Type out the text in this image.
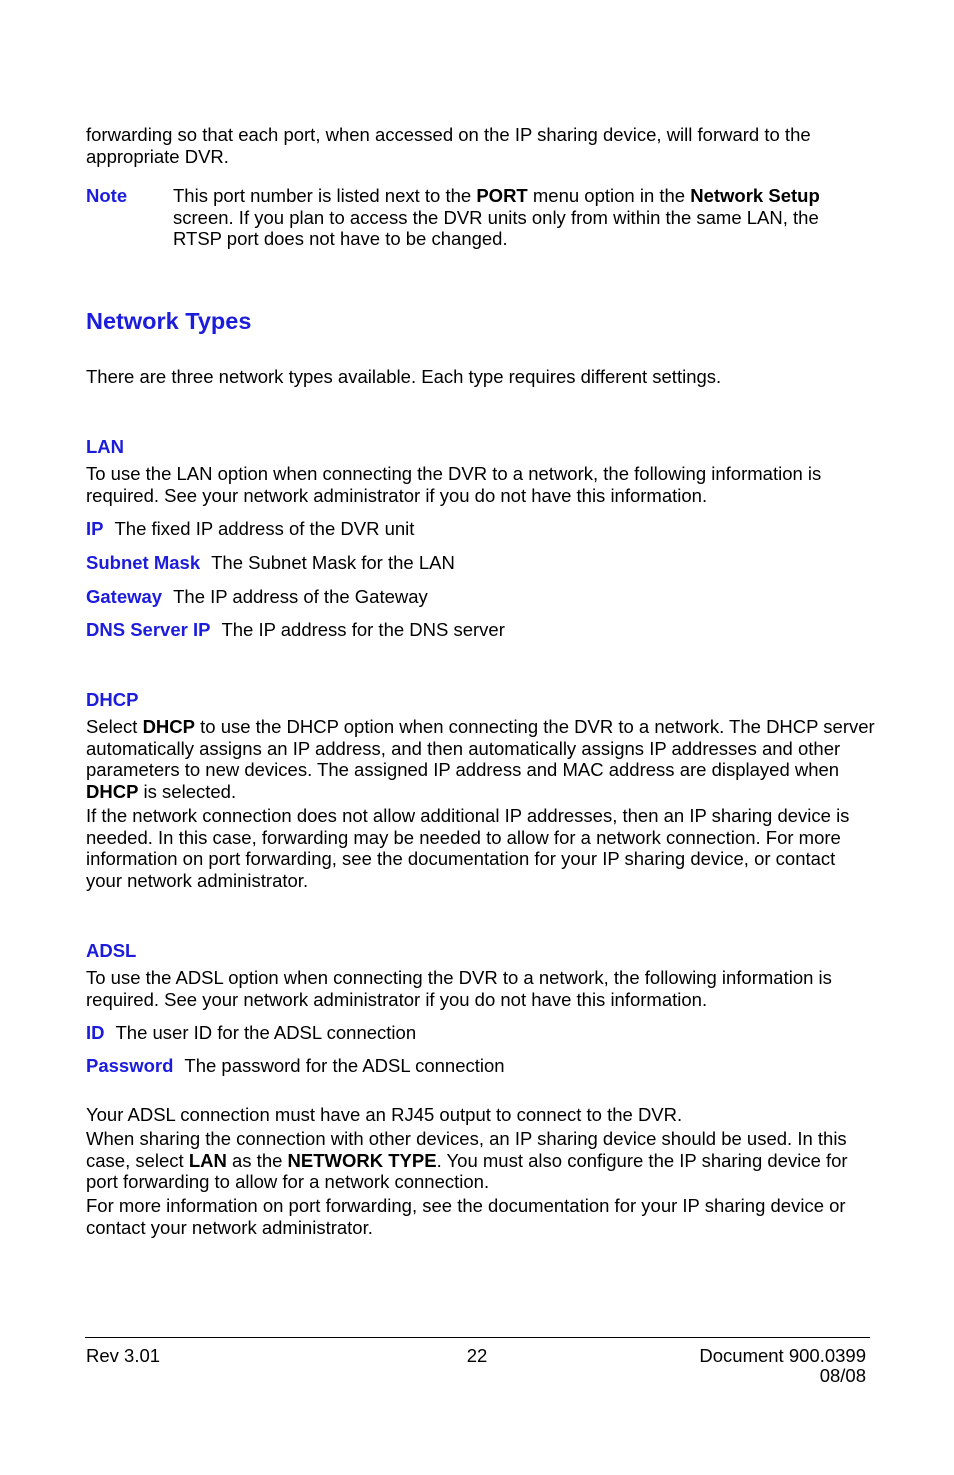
forwarding so that each port, when accessed on the IP sharing device, will forward to the appropriate DVR.

Note This port number is listed next to the PORT menu option in the Network Setup screen. If you plan to access the DVR units only from within the same LAN, the RTSP port does not have to be changed.

Network Types

There are three network types available. Each type requires different settings.

LAN

To use the LAN option when connecting the DVR to a network, the following information is required. See your network administrator if you do not have this information.

IP The fixed IP address of the DVR unit

Subnet Mask The Subnet Mask for the LAN

Gateway The IP address of the Gateway

DNS Server IP The IP address for the DNS server

DHCP

Select DHCP to use the DHCP option when connecting the DVR to a network. The DHCP server automatically assigns an IP address, and then automatically assigns IP addresses and other parameters to new devices. The assigned IP address and MAC address are displayed when DHCP is selected.

If the network connection does not allow additional IP addresses, then an IP sharing device is needed. In this case, forwarding may be needed to allow for a network connection. For more information on port forwarding, see the documentation for your IP sharing device, or contact your network administrator.

ADSL

To use the ADSL option when connecting the DVR to a network, the following information is required. See your network administrator if you do not have this information.

ID The user ID for the ADSL connection

Password The password for the ADSL connection

Your ADSL connection must have an RJ45 output to connect to the DVR.

When sharing the connection with other devices, an IP sharing device should be used. In this case, select LAN as the NETWORK TYPE. You must also configure the IP sharing device for port forwarding to allow for a network connection.

For more information on port forwarding, see the documentation for your IP sharing device or contact your network administrator.

Rev 3.01	22	Document 900.0399
08/08
